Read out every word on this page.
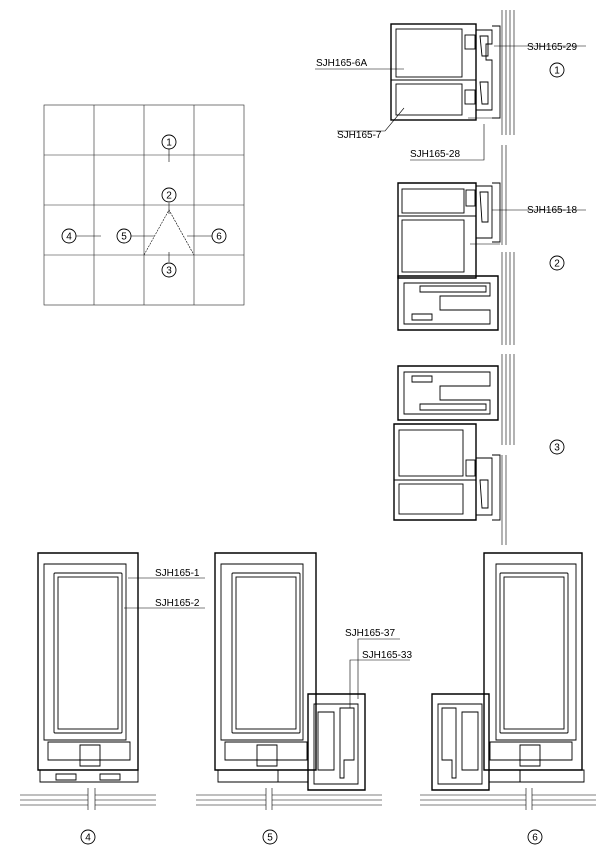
1
2
3
4	5	6
SJH165-29
SJH165-6A
SJH165-7
SJH165-28
1
SJH165-18
2
3
SJH165-1
SJH165-2
4
SJH165-37
SJH165-33
5	6
